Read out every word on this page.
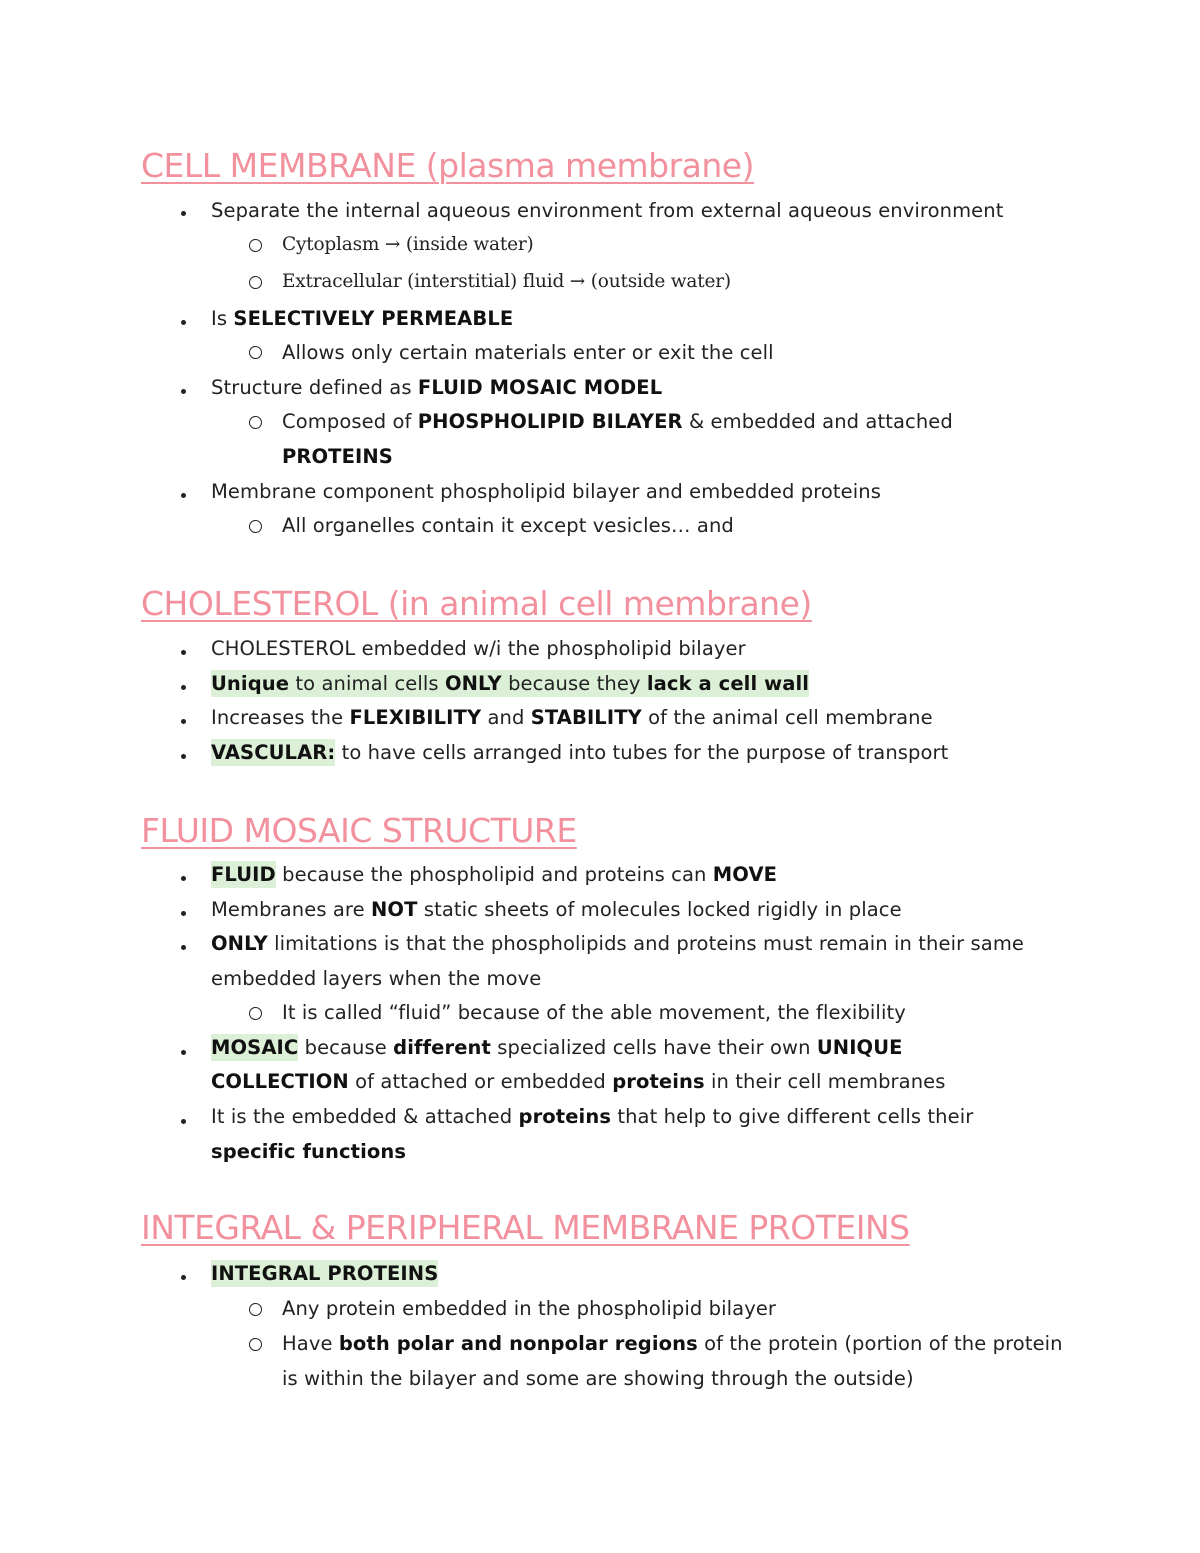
CELL MEMBRANE (plasma membrane)
Separate the internal aqueous environment from external aqueous environment
Cytoplasm → (inside water)
Extracellular (interstitial) fluid → (outside water)
Is SELECTIVELY PERMEABLE
Allows only certain materials enter or exit the cell
Structure defined as FLUID MOSAIC MODEL
Composed of PHOSPHOLIPID BILAYER & embedded and attached
PROTEINS
Membrane component phospholipid bilayer and embedded proteins
All organelles contain it except vesicles… and
CHOLESTEROL (in animal cell membrane)
CHOLESTEROL embedded w/i the phospholipid bilayer
Unique to animal cells ONLY because they lack a cell wall
Increases the FLEXIBILITY and STABILITY of the animal cell membrane
VASCULAR: to have cells arranged into tubes for the purpose of transport
FLUID MOSAIC STRUCTURE
FLUID because the phospholipid and proteins can MOVE
Membranes are NOT static sheets of molecules locked rigidly in place
ONLY limitations is that the phospholipids and proteins must remain in their same
embedded layers when the move
It is called “fluid” because of the able movement, the flexibility
MOSAIC because different specialized cells have their own UNIQUE
COLLECTION of attached or embedded proteins in their cell membranes
It is the embedded & attached proteins that help to give different cells their
specific functions
INTEGRAL & PERIPHERAL MEMBRANE PROTEINS
INTEGRAL PROTEINS
Any protein embedded in the phospholipid bilayer
Have both polar and nonpolar regions of the protein (portion of the protein
is within the bilayer and some are showing through the outside)
